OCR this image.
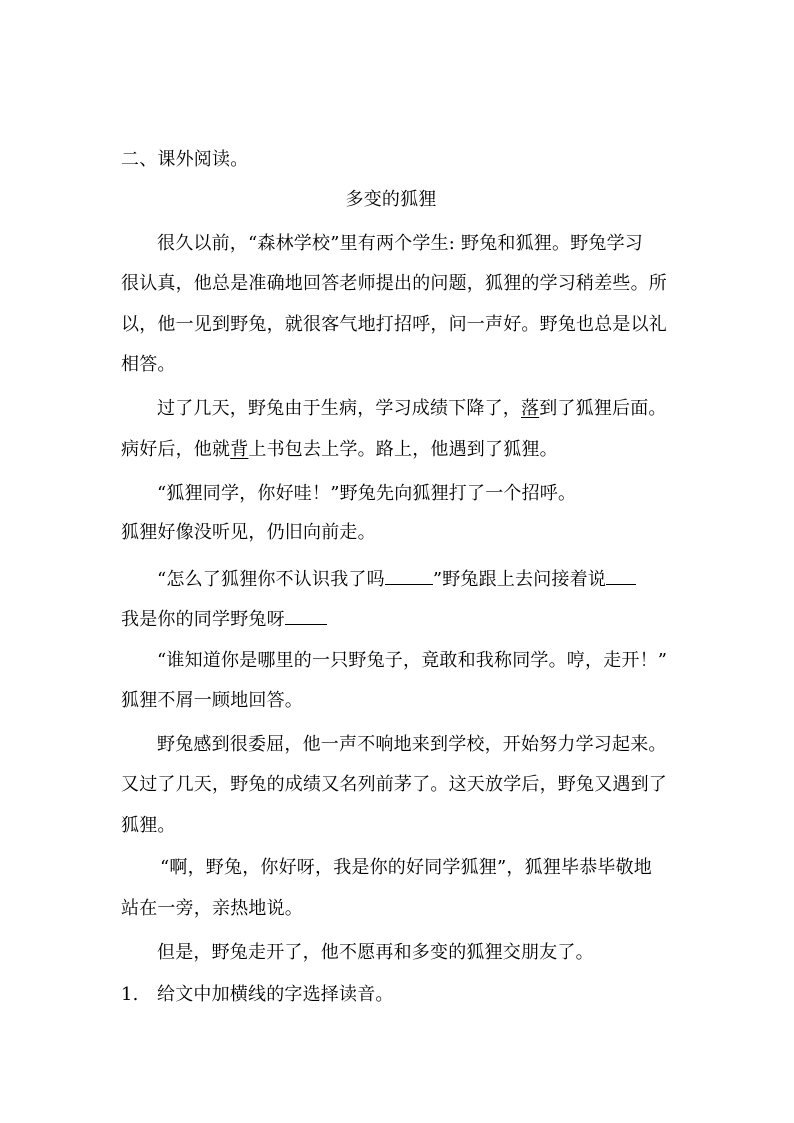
二、课外阅读。
多变的狐狸
很久以前，“森林学校”里有两个学生: 野兔和狐狸。野兔学习
很认真，他总是准确地回答老师提出的问题，狐狸的学习稍差些。所
以，他一见到野兔，就很客气地打招呼，问一声好。野兔也总是以礼
相答。
过了几天，野兔由于生病，学习成绩下降了，落到了狐狸后面。
病好后，他就背上书包去上学。路上，他遇到了狐狸。
“狐狸同学，你好哇！”野兔先向狐狸打了一个招呼。
狐狸好像没听见，仍旧向前走。
“怎么了狐狸你不认识我了吗	”野兔跟上去问接着说
我是你的同学野兔呀
“谁知道你是哪里的一只野兔子，竟敢和我称同学。哼，走开！”
狐狸不屑一顾地回答。
野兔感到很委屈，他一声不响地来到学校，开始努力学习起来。
又过了几天，野兔的成绩又名列前茅了。这天放学后，野兔又遇到了
狐狸。
“啊，野兔，你好呀，我是你的好同学狐狸”，狐狸毕恭毕敬地
站在一旁，亲热地说。
但是，野兔走开了，他不愿再和多变的狐狸交朋友了。
1. 给文中加横线的字选择读音。
